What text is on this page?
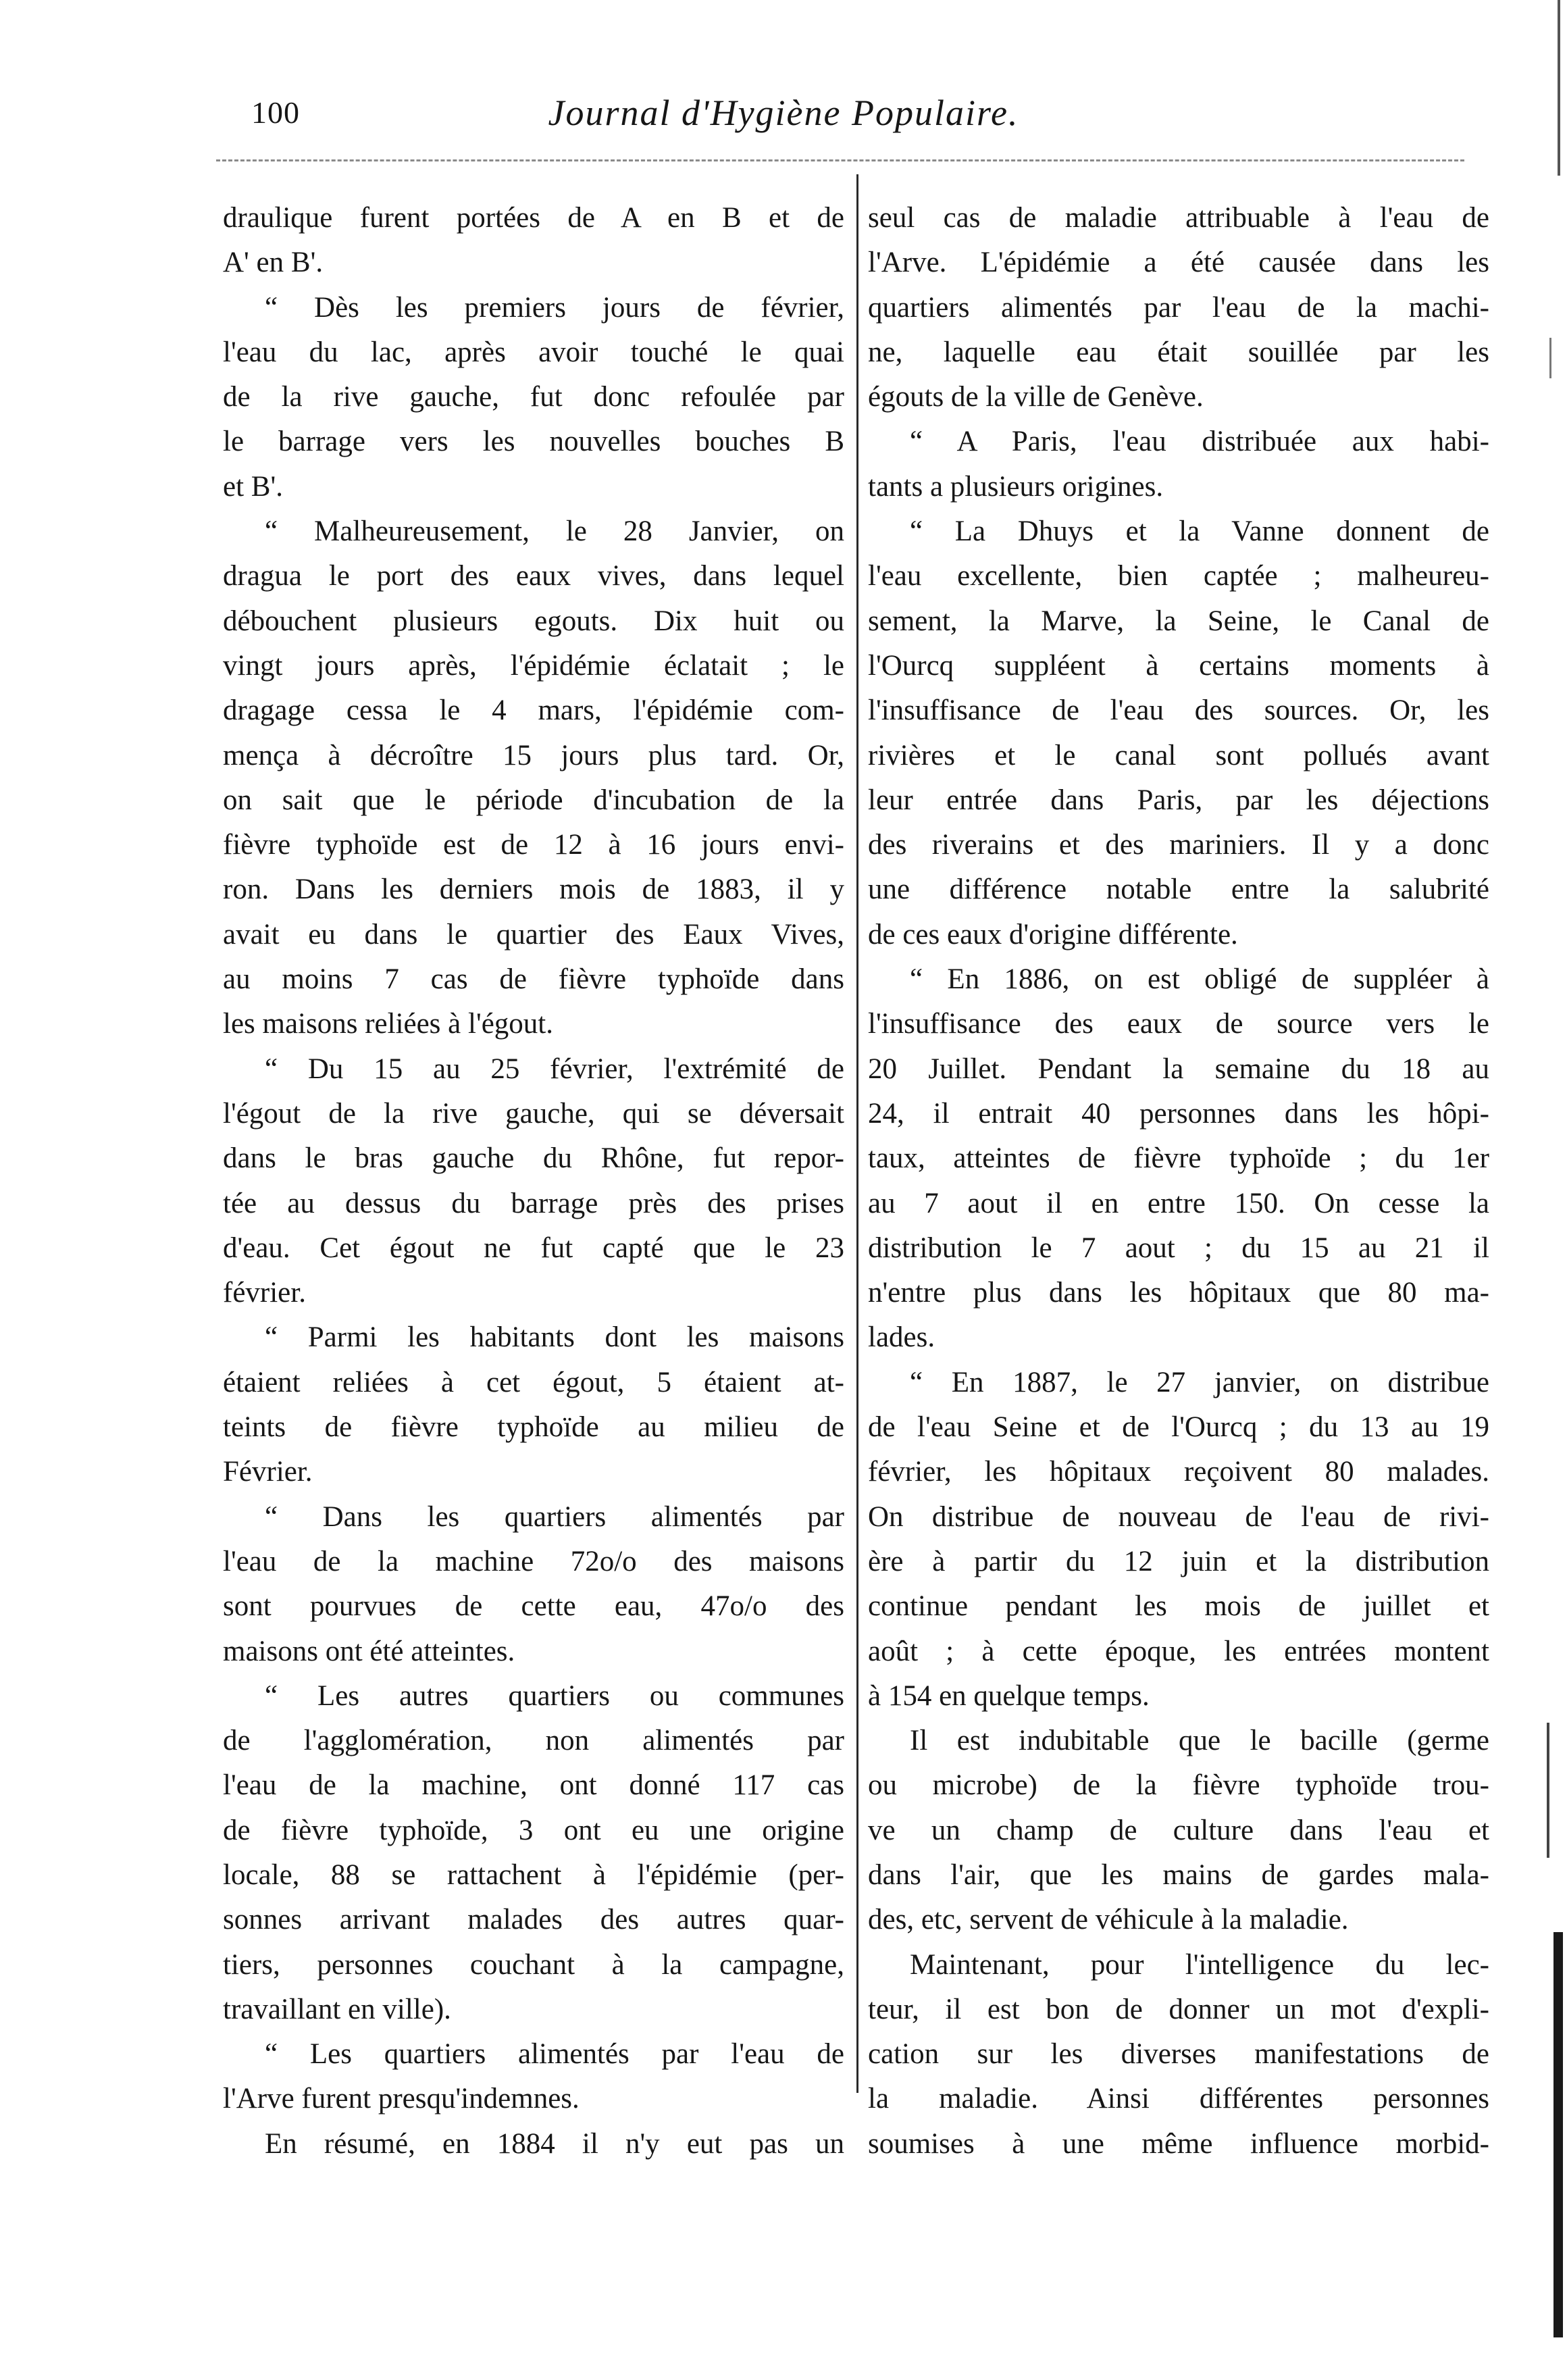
100	Journal d'Hygiène Populaire.
draulique furent portées de A en B et de
A' en B'.
“ Dès les premiers jours de février,
l'eau du lac, après avoir touché le quai
de la rive gauche, fut donc refoulée par
le barrage vers les nouvelles bouches B
et B'.
“ Malheureusement, le 28 Janvier, on
dragua le port des eaux vives, dans lequel
débouchent plusieurs egouts. Dix huit ou
vingt jours après, l'épidémie éclatait ; le
dragage cessa le 4 mars, l'épidémie com-
mença à décroître 15 jours plus tard. Or,
on sait que le période d'incubation de la
fièvre typhoïde est de 12 à 16 jours envi-
ron. Dans les derniers mois de 1883, il y
avait eu dans le quartier des Eaux Vives,
au moins 7 cas de fièvre typhoïde dans
les maisons reliées à l'égout.
“ Du 15 au 25 février, l'extrémité de
l'égout de la rive gauche, qui se déversait
dans le bras gauche du Rhône, fut repor-
tée au dessus du barrage près des prises
d'eau. Cet égout ne fut capté que le 23
février.
“ Parmi les habitants dont les maisons
étaient reliées à cet égout, 5 étaient at-
teints de fièvre typhoïde au milieu de
Février.
“ Dans les quartiers alimentés par
l'eau de la machine 72o/o des maisons
sont pourvues de cette eau, 47o/o des
maisons ont été atteintes.
“ Les autres quartiers ou communes
de l'agglomération, non alimentés par
l'eau de la machine, ont donné 117 cas
de fièvre typhoïde, 3 ont eu une origine
locale, 88 se rattachent à l'épidémie (per-
sonnes arrivant malades des autres quar-
tiers, personnes couchant à la campagne,
travaillant en ville).
“ Les quartiers alimentés par l'eau de
l'Arve furent presqu'indemnes.
En résumé, en 1884 il n'y eut pas un
seul cas de maladie attribuable à l'eau de
l'Arve. L'épidémie a été causée dans les
quartiers alimentés par l'eau de la machi-
ne, laquelle eau était souillée par les
égouts de la ville de Genève.
“ A Paris, l'eau distribuée aux habi-
tants a plusieurs origines.
“ La Dhuys et la Vanne donnent de
l'eau excellente, bien captée ; malheureu-
sement, la Marve, la Seine, le Canal de
l'Ourcq suppléent à certains moments à
l'insuffisance de l'eau des sources. Or, les
rivières et le canal sont pollués avant
leur entrée dans Paris, par les déjections
des riverains et des mariniers. Il y a donc
une différence notable entre la salubrité
de ces eaux d'origine différente.
“ En 1886, on est obligé de suppléer à
l'insuffisance des eaux de source vers le
20 Juillet. Pendant la semaine du 18 au
24, il entrait 40 personnes dans les hôpi-
taux, atteintes de fièvre typhoïde ; du 1er
au 7 aout il en entre 150. On cesse la
distribution le 7 aout ; du 15 au 21 il
n'entre plus dans les hôpitaux que 80 ma-
lades.
“ En 1887, le 27 janvier, on distribue
de l'eau Seine et de l'Ourcq ; du 13 au 19
février, les hôpitaux reçoivent 80 malades.
On distribue de nouveau de l'eau de rivi-
ère à partir du 12 juin et la distribution
continue pendant les mois de juillet et
août ; à cette époque, les entrées montent
à 154 en quelque temps.
Il est indubitable que le bacille (germe
ou microbe) de la fièvre typhoïde trou-
ve un champ de culture dans l'eau et
dans l'air, que les mains de gardes mala-
des, etc, servent de véhicule à la maladie.
Maintenant, pour l'intelligence du lec-
teur, il est bon de donner un mot d'expli-
cation sur les diverses manifestations de
la maladie. Ainsi différentes personnes
soumises à une même influence morbid-
